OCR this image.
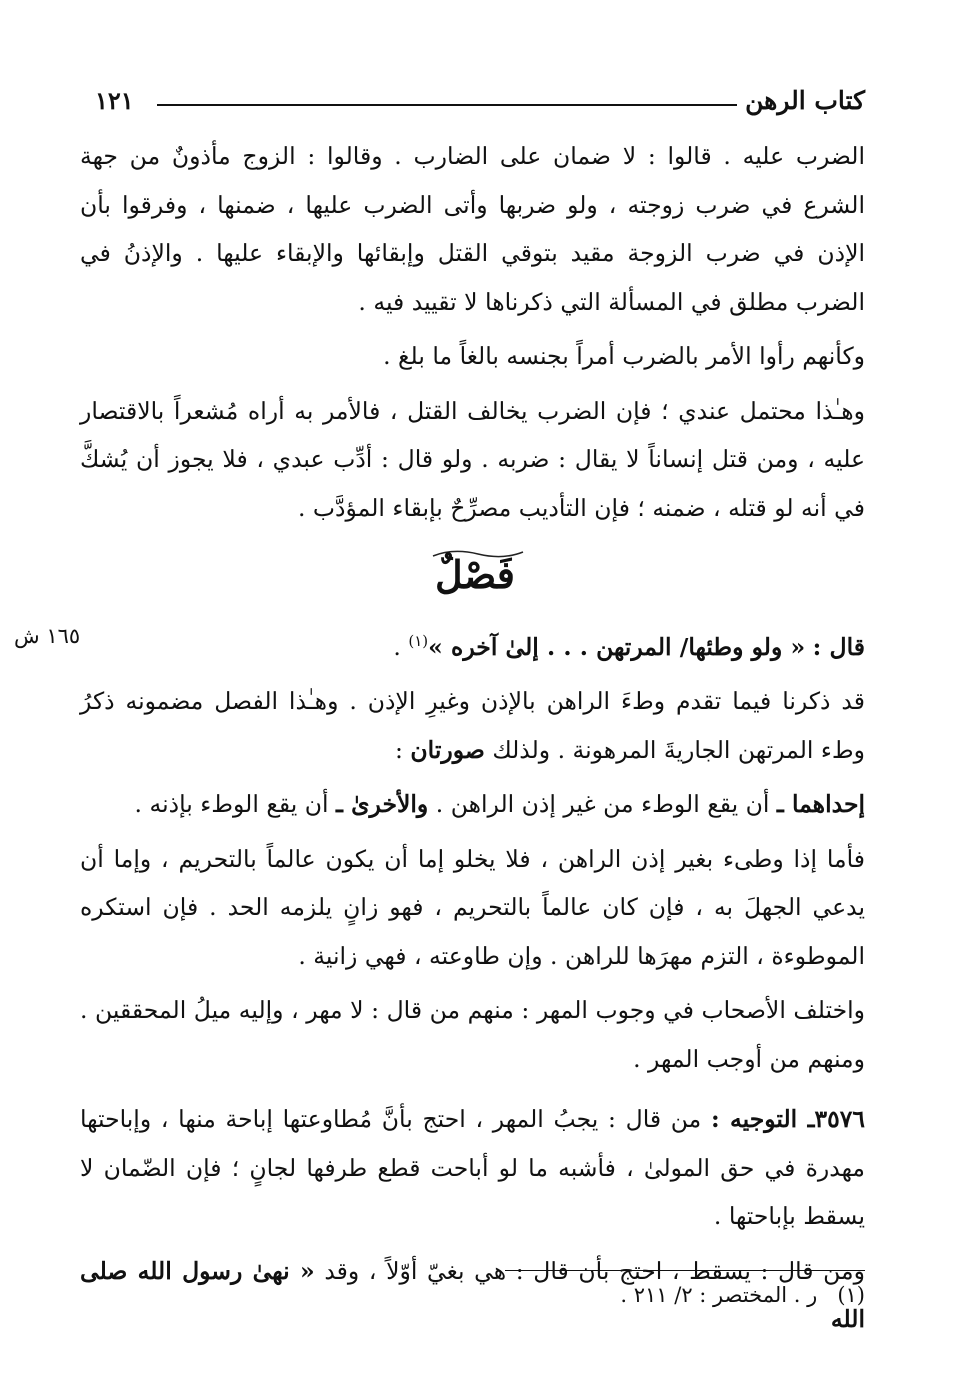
كتاب الرهن
١٢١

الضرب عليه . قالوا : لا ضمان على الضارب . وقالوا : الزوج مأذونٌ من جهة الشرع في ضرب زوجته ، ولو ضربها وأتى الضرب عليها ، ضمنها ، وفرقوا بأن الإذن في ضرب الزوجة مقيد بتوقي القتل وإبقائها والإبقاء عليها . والإذنُ في الضرب مطلق في المسألة التي ذكرناها لا تقييد فيه .

وكأنهم رأوا الأمر بالضرب أمراً بجنسه بالغاً ما بلغ .

وهـٰذا محتمل عندي ؛ فإن الضرب يخالف القتل ، فالأمر به أراه مُشعراً بالاقتصار عليه ، ومن قتل إنساناً لا يقال : ضربه . ولو قال : أدِّب عبدي ، فلا يجوز أن يُشكَّ في أنه لو قتله ، ضمنه ؛ فإن التأديب مصرِّحٌ بإبقاء المؤدَّب .

فَصْلٌ
١٦٥ ش	قال : « ولو وطئها/ المرتهن . . . إلىٰ آخره »$^{(١)}$ .

قد ذكرنا فيما تقدم وطءَ الراهن بالإذن وغيرِ الإذن . وهـٰذا الفصل مضمونه ذكرُ وطء المرتهن الجاريةَ المرهونة . ولذلك صورتان :

إحداهما ـ أن يقع الوطء من غير إذن الراهن . والأخرىٰ ـ أن يقع الوطء بإذنه .

فأما إذا وطىء بغير إذن الراهن ، فلا يخلو إما أن يكون عالماً بالتحريم ، وإما أن يدعي الجهلَ به ، فإن كان عالماً بالتحريم ، فهو زانٍ يلزمه الحد . فإن استكره الموطوءة ، التزم مهرَها للراهن . وإن طاوعته ، فهي زانية .

واختلف الأصحاب في وجوب المهر : منهم من قال : لا مهر ، وإليه ميلُ المحققين . ومنهم من أوجب المهر .

٣٥٧٦ـ التوجيه : من قال : يجبُ المهر ، احتج بأنَّ مُطاوعتها إباحة منها ، وإباحتها مهدرة في حق المولىٰ ، فأشبه ما لو أباحت قطع طرفها لجانٍ ؛ فإن الضّمان لا يسقط بإباحتها .

ومن قال : يسقط ، احتج بأن قال : هي بغيّ أوّلاً ، وقد « نهىٰ رسول الله صلى الله

(١)   ر . المختصر : ٢/ ٢١١ .
